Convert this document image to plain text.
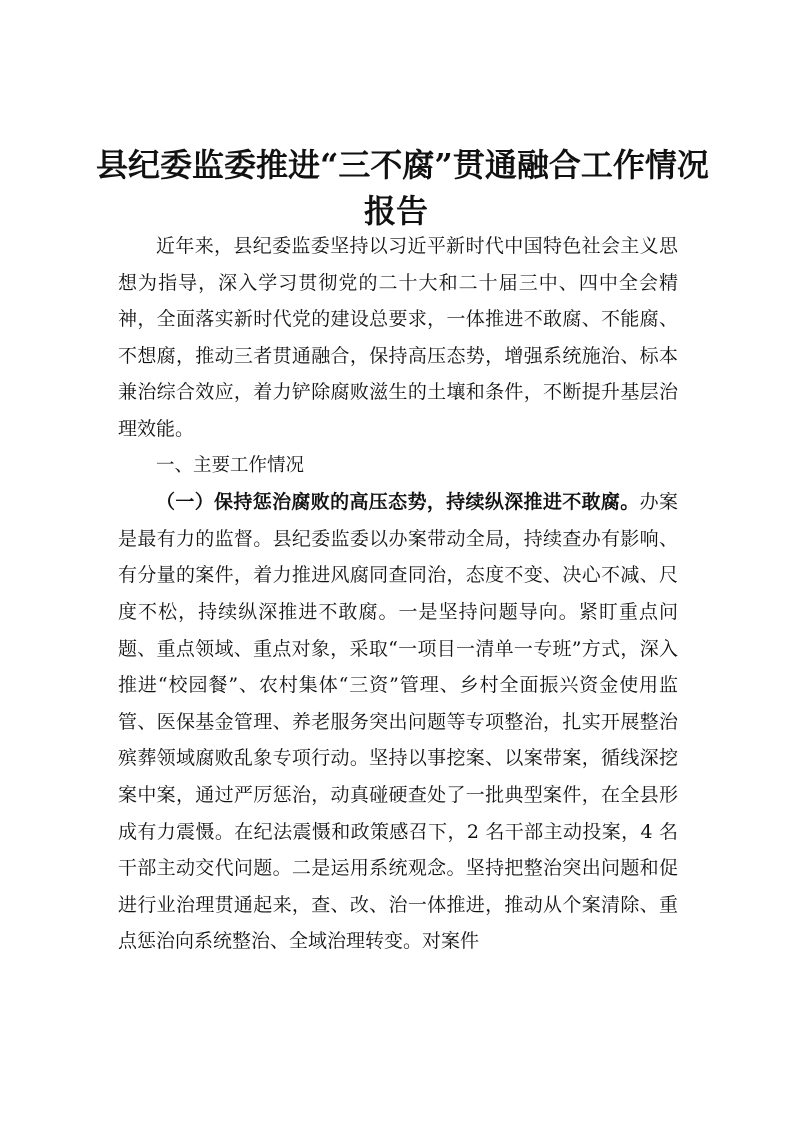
县纪委监委推进“三不腐”贯通融合工作情况
报告

近年来，县纪委监委坚持以习近平新时代中国特色社会主义思想为指导，深入学习贯彻党的二十大和二十届三中、四中全会精神，全面落实新时代党的建设总要求，一体推进不敢腐、不能腐、不想腐，推动三者贯通融合，保持高压态势，增强系统施治、标本兼治综合效应，着力铲除腐败滋生的土壤和条件，不断提升基层治理效能。

一、主要工作情况

（一）保持惩治腐败的高压态势，持续纵深推进不敢腐。办案是最有力的监督。县纪委监委以办案带动全局，持续查办有影响、有分量的案件，着力推进风腐同查同治，态度不变、决心不减、尺度不松，持续纵深推进不敢腐。一是坚持问题导向。紧盯重点问题、重点领域、重点对象，采取“一项目一清单一专班”方式，深入推进“校园餐”、农村集体“三资”管理、乡村全面振兴资金使用监管、医保基金管理、养老服务突出问题等专项整治，扎实开展整治殡葬领域腐败乱象专项行动。坚持以事挖案、以案带案，循线深挖案中案，通过严厉惩治，动真碰硬查处了一批典型案件，在全县形成有力震慑。在纪法震慑和政策感召下，2 名干部主动投案，4 名干部主动交代问题。二是运用系统观念。坚持把整治突出问题和促进行业治理贯通起来，查、改、治一体推进，推动从个案清除、重点惩治向系统整治、全域治理转变。对案件
